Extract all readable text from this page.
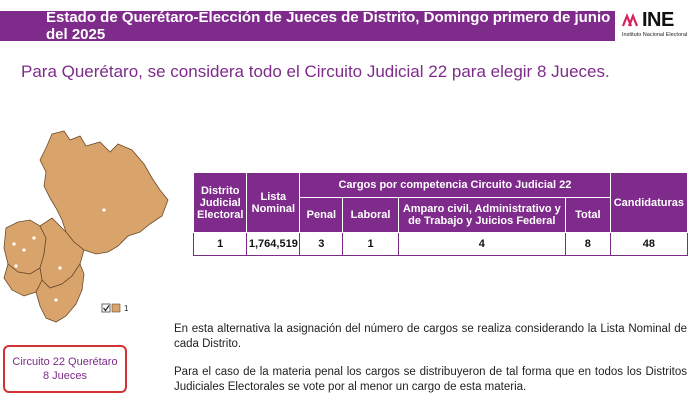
Estado de Querétaro-Elección de Jueces de Distrito, Domingo primero de junio del 2025
INE
Instituto Nacional Electoral
Para Querétaro, se considera todo el Circuito Judicial 22 para elegir 8 Jueces.
1
Distrito Judicial Electoral	Lista Nominal	Cargos por competencia Circuito Judicial 22				Candidaturas
		Penal	Laboral	Amparo civil, Administrativo y de Trabajo y Juicios Federal	Total	
1	1,764,519	3	1	4	8	48
Circuito 22 Querétaro
8 Jueces

En esta alternativa la asignación del número de cargos se realiza considerando la Lista Nominal de cada Distrito.

Para el caso de la materia penal los cargos se distribuyeron de tal forma que en todos los Distritos Judiciales Electorales se vote por al menor un cargo de esta materia.
